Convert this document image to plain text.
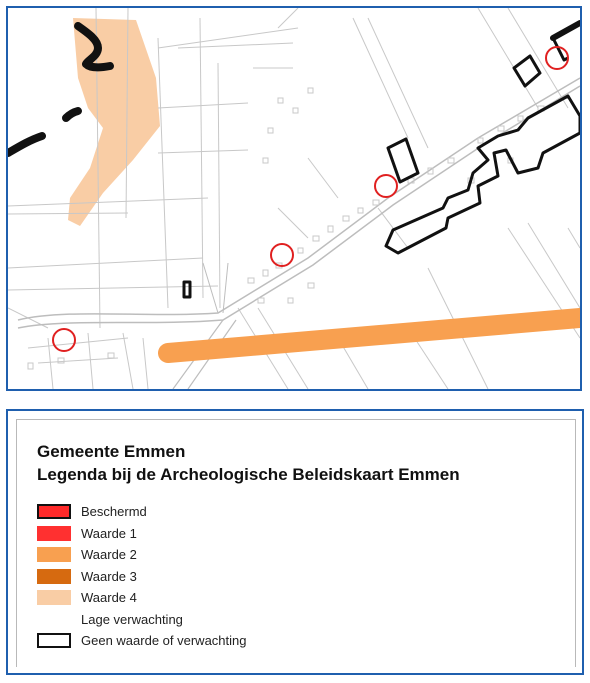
Gemeente Emmen
Legenda bij de Archeologische Beleidskaart Emmen
Beschermd
Waarde 1
Waarde 2
Waarde 3
Waarde 4
Lage verwachting
Geen waarde of verwachting
